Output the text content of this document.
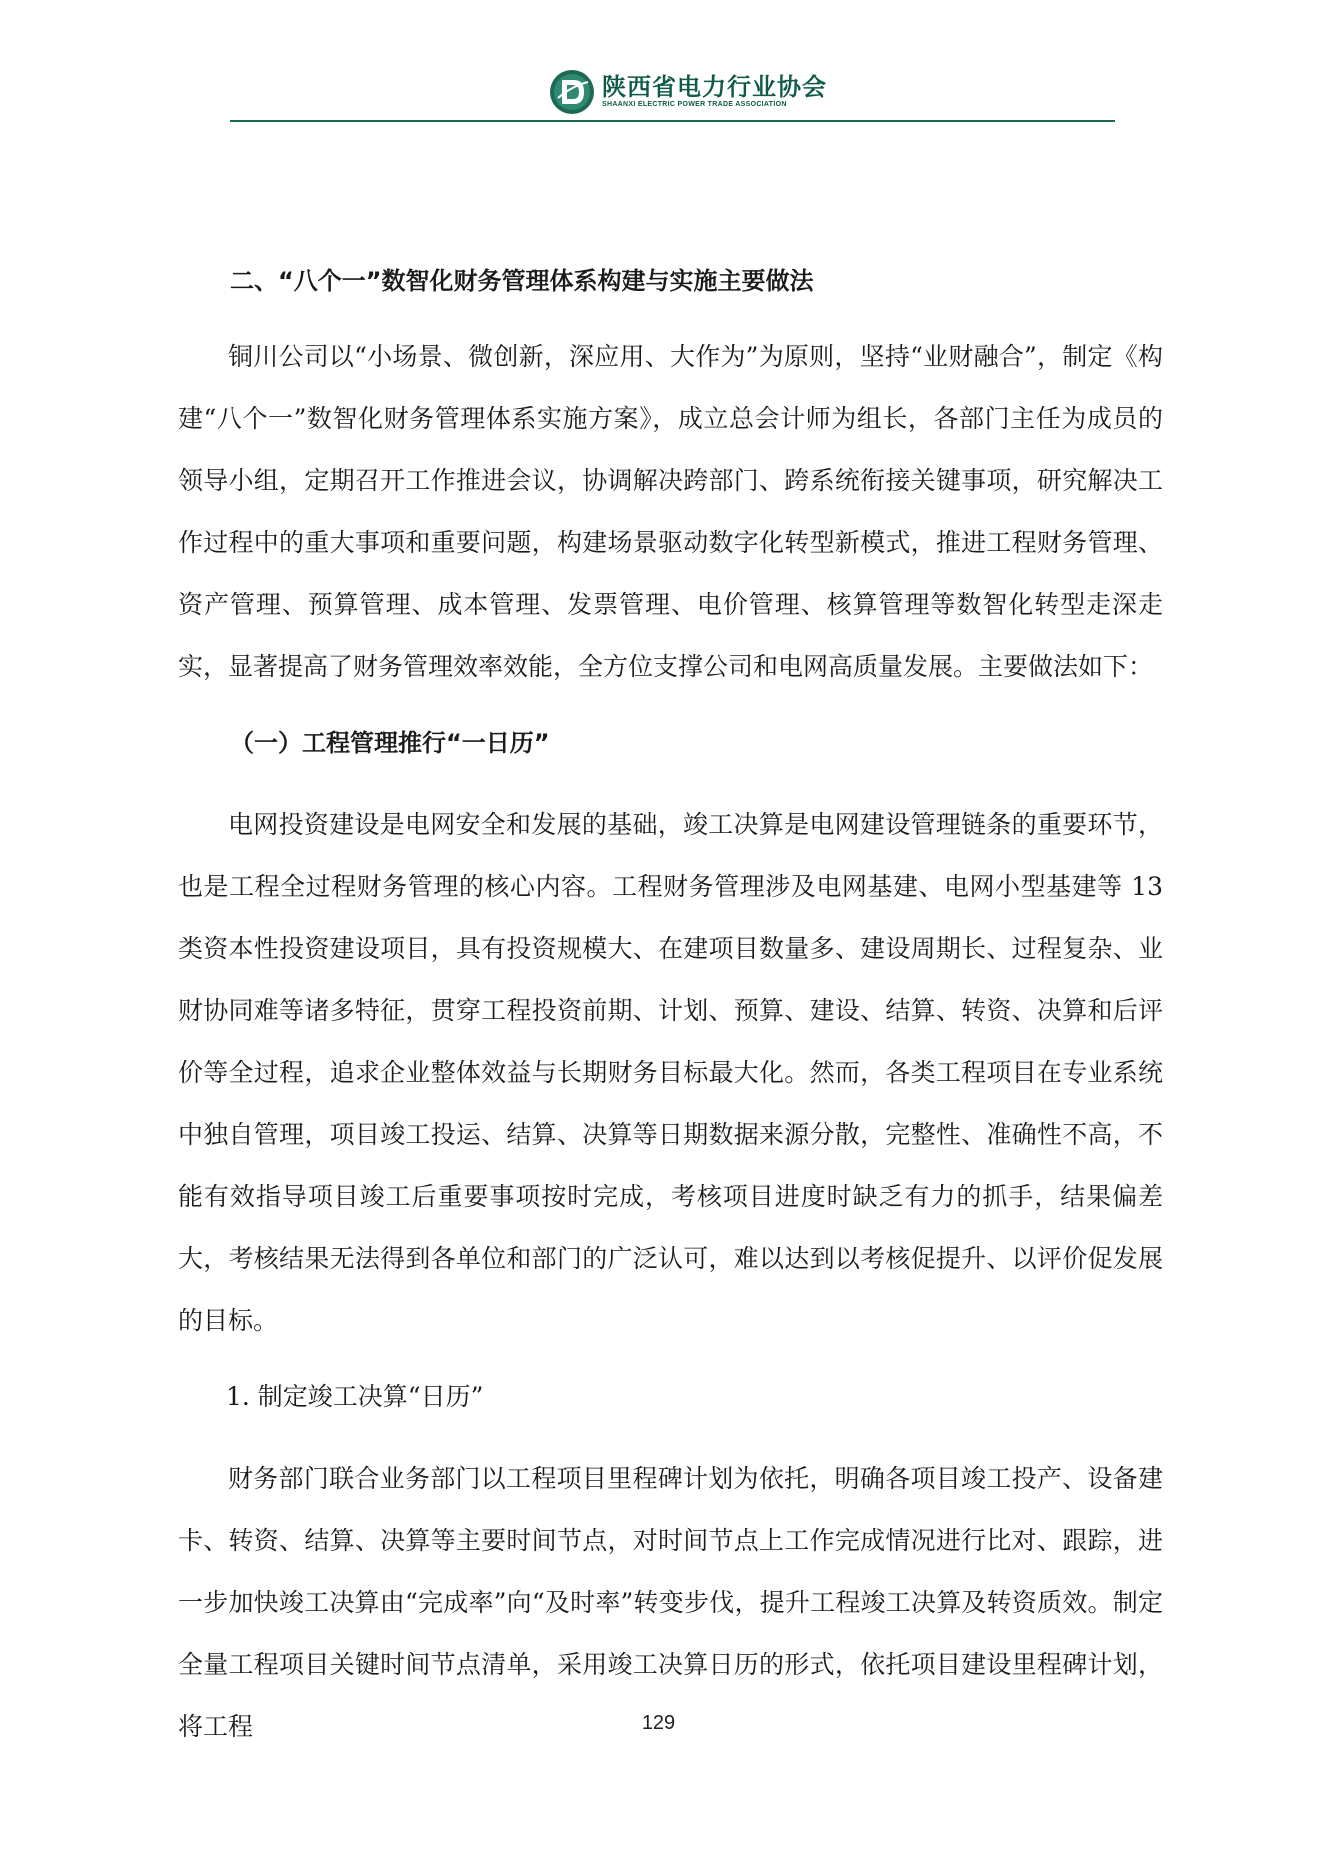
陕西省电力行业协会
SHAANXI ELECTRIC POWER TRADE ASSOCIATION

二、“八个一”数智化财务管理体系构建与实施主要做法

铜川公司以“小场景、微创新，深应用、大作为”为原则，坚持“业财融合”，制定《构建“八个一”数智化财务管理体系实施方案》，成立总会计师为组长，各部门主任为成员的领导小组，定期召开工作推进会议，协调解决跨部门、跨系统衔接关键事项，研究解决工作过程中的重大事项和重要问题，构建场景驱动数字化转型新模式，推进工程财务管理、资产管理、预算管理、成本管理、发票管理、电价管理、核算管理等数智化转型走深走实，显著提高了财务管理效率效能，全方位支撑公司和电网高质量发展。主要做法如下：

（一）工程管理推行“一日历”

电网投资建设是电网安全和发展的基础，竣工决算是电网建设管理链条的重要环节，也是工程全过程财务管理的核心内容。工程财务管理涉及电网基建、电网小型基建等 13 类资本性投资建设项目，具有投资规模大、在建项目数量多、建设周期长、过程复杂、业财协同难等诸多特征，贯穿工程投资前期、计划、预算、建设、结算、转资、决算和后评价等全过程，追求企业整体效益与长期财务目标最大化。然而，各类工程项目在专业系统中独自管理，项目竣工投运、结算、决算等日期数据来源分散，完整性、准确性不高，不能有效指导项目竣工后重要事项按时完成，考核项目进度时缺乏有力的抓手，结果偏差大，考核结果无法得到各单位和部门的广泛认可，难以达到以考核促提升、以评价促发展的目标。

1. 制定竣工决算“日历”

财务部门联合业务部门以工程项目里程碑计划为依托，明确各项目竣工投产、设备建卡、转资、结算、决算等主要时间节点，对时间节点上工作完成情况进行比对、跟踪，进一步加快竣工决算由“完成率”向“及时率”转变步伐，提升工程竣工决算及转资质效。制定全量工程项目关键时间节点清单，采用竣工决算日历的形式，依托项目建设里程碑计划，将工程	129
